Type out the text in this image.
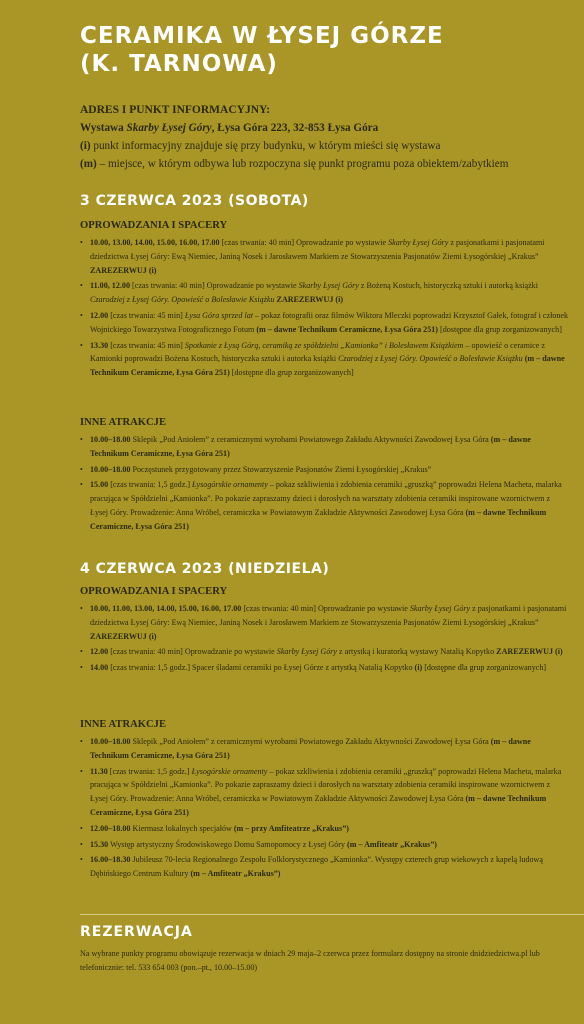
CERAMIKA W ŁYSEJ GÓRZE
(K. TARNOWA)
ADRES I PUNKT INFORMACYJNY:
Wystawa Skarby Łysej Góry, Łysa Góra 223, 32-853 Łysa Góra
(i) punkt informacyjny znajduje się przy budynku, w którym mieści się wystawa
(m) – miejsce, w którym odbywa lub rozpoczyna się punkt programu poza obiektem/zabytkiem
3 CZERWCA 2023 (SOBOTA)
OPROWADZANIA I SPACERY
• 10.00, 13.00, 14.00, 15.00, 16.00, 17.00 [czas trwania: 40 min] Oprowadzanie po wystawie Skarby Łysej Góry z pasjonatkami i pasjonatami dziedzictwa Łysej Góry: Ewą Niemiec, Janiną Nosek i Jarosławem Markiem ze Stowarzyszenia Pasjonatów Ziemi Łysogórskiej „Krakus” ZAREZERWUJ (i)
• 11.00, 12.00 [czas trwania: 40 min] Oprowadzanie po wystawie Skarby Łysej Góry z Bożeną Kostuch, historyczką sztuki i autorką książki Czarodziej z Łysej Góry. Opowieść o Bolesławie Książku ZAREZERWUJ (i)
• 12.00 [czas trwania: 45 min] Łysa Góra sprzed lat – pokaz fotografii oraz filmów Wiktora Mleczki poprowadzi Krzysztof Gałek, fotograf i członek Wojnickiego Towarzystwa Fotograficznego Fotum (m – dawne Technikum Ceramiczne, Łysa Góra 251) [dostępne dla grup zorganizowanych]
• 13.30 [czas trwania: 45 min] Spotkanie z Łysą Górą, ceramiką ze spółdzielni „Kamionka” i Bolesławem Książkiem – opowieść o ceramice z Kamionki poprowadzi Bożena Kostuch, historyczka sztuki i autorka książki Czarodziej z Łysej Góry. Opowieść o Bolesławie Książku (m – dawne Technikum Ceramiczne, Łysa Góra 251) [dostępne dla grup zorganizowanych]
INNE ATRAKCJE
• 10.00–18.00 Sklepik „Pod Aniołem” z ceramicznymi wyrobami Powiatowego Zakładu Aktywności Zawodowej Łysa Góra (m – dawne Technikum Ceramiczne, Łysa Góra 251)
• 10.00–18.00 Poczęstunek przygotowany przez Stowarzyszenie Pasjonatów Ziemi Łysogórskiej „Krakus”
• 15.00 [czas trwania: 1,5 godz.] Łysogórskie ornamenty – pokaz szkliwienia i zdobienia ceramiki „gruszką” poprowadzi Helena Macheta, malarka pracująca w Spółdzielni „Kamionka”. Po pokazie zapraszamy dzieci i dorosłych na warsztaty zdobienia ceramiki inspirowane wzornictwem z Łysej Góry. Prowadzenie: Anna Wróbel, ceramiczka w Powiatowym Zakładzie Aktywności Zawodowej Łysa Góra (m – dawne Technikum Ceramiczne, Łysa Góra 251)
4 CZERWCA 2023 (NIEDZIELA)
OPROWADZANIA I SPACERY
• 10.00, 11.00, 13.00, 14.00, 15.00, 16.00, 17.00 [czas trwania: 40 min] Oprowadzanie po wystawie Skarby Łysej Góry z pasjonatkami i pasjonatami dziedzictwa Łysej Góry: Ewą Niemiec, Janiną Nosek i Jarosławem Markiem ze Stowarzyszenia Pasjonatów Ziemi Łysogórskiej „Krakus” ZAREZERWUJ (i)
• 12.00 [czas trwania: 40 min] Oprowadzanie po wystawie Skarby Łysej Góry z artystką i kuratorką wystawy Natalią Kopytko ZAREZERWUJ (i)
• 14.00 [czas trwania: 1,5 godz.] Spacer śladami ceramiki po Łysej Górze z artystką Natalią Kopytko (i) [dostępne dla grup zorganizowanych]
INNE ATRAKCJE
• 10.00–18.00 Sklepik „Pod Aniołem” z ceramicznymi wyrobami Powiatowego Zakładu Aktywności Zawodowej Łysa Góra (m – dawne Technikum Ceramiczne, Łysa Góra 251)
• 11.30 [czas trwania: 1,5 godz.] Łysogórskie ornamenty – pokaz szkliwienia i zdobienia ceramiki „gruszką” poprowadzi Helena Macheta, malarka pracująca w Spółdzielni „Kamionka”. Po pokazie zapraszamy dzieci i dorosłych na warsztaty zdobienia ceramiki inspirowane wzornictwem z Łysej Góry. Prowadzenie: Anna Wróbel, ceramiczka w Powiatowym Zakładzie Aktywności Zawodowej Łysa Góra (m – dawne Technikum Ceramiczne, Łysa Góra 251)
• 12.00–18.00 Kiermasz lokalnych specjałów (m – przy Amfiteatrze „Krakus”)
• 15.30 Występ artystyczny Środowiskowego Domu Samopomocy z Łysej Góry (m – Amfiteatr „Krakus”)
• 16.00–18.30 Jubileusz 70-lecia Regionalnego Zespołu Folklorystycznego „Kamionka”. Występy czterech grup wiekowych z kapelą ludową Dębińskiego Centrum Kultury (m – Amfiteatr „Krakus”)
REZERWACJA
Na wybrane punkty programu obowiązuje rezerwacja w dniach 29 maja–2 czerwca przez formularz dostępny na stronie dnidziedzictwa.pl lub telefonicznie: tel. 533 654 003 (pon.–pt., 10.00–15.00)
